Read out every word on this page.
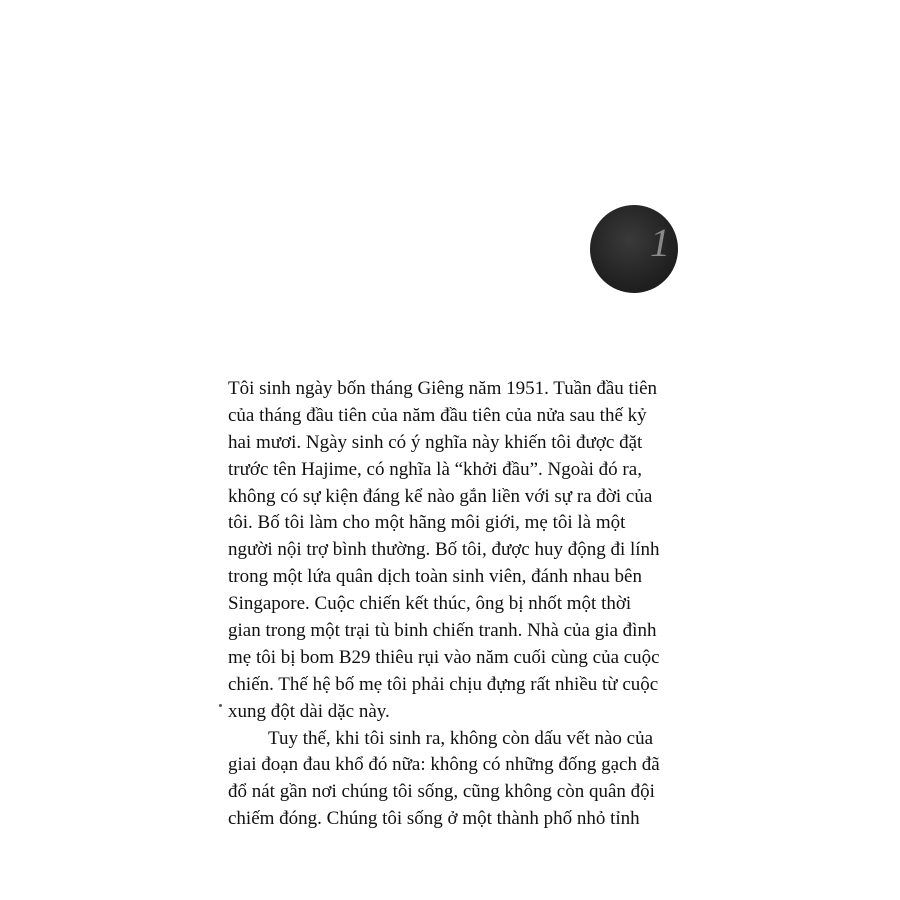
1
Tôi sinh ngày bốn tháng Giêng năm 1951. Tuần đầu tiên
của tháng đầu tiên của năm đầu tiên của nửa sau thế kỷ
hai mươi. Ngày sinh có ý nghĩa này khiến tôi được đặt
trước tên Hajime, có nghĩa là “khởi đầu”. Ngoài đó ra,
không có sự kiện đáng kể nào gắn liền với sự ra đời của
tôi. Bố tôi làm cho một hãng môi giới, mẹ tôi là một
người nội trợ bình thường. Bố tôi, được huy động đi lính
trong một lứa quân dịch toàn sinh viên, đánh nhau bên
Singapore. Cuộc chiến kết thúc, ông bị nhốt một thời
gian trong một trại tù binh chiến tranh. Nhà của gia đình
mẹ tôi bị bom B29 thiêu rụi vào năm cuối cùng của cuộc
chiến. Thế hệ bố mẹ tôi phải chịu đựng rất nhiều từ cuộc
xung đột dài dặc này.
Tuy thế, khi tôi sinh ra, không còn dấu vết nào của
giai đoạn đau khổ đó nữa: không có những đống gạch đã
đổ nát gần nơi chúng tôi sống, cũng không còn quân đội
chiếm đóng. Chúng tôi sống ở một thành phố nhỏ tỉnh
